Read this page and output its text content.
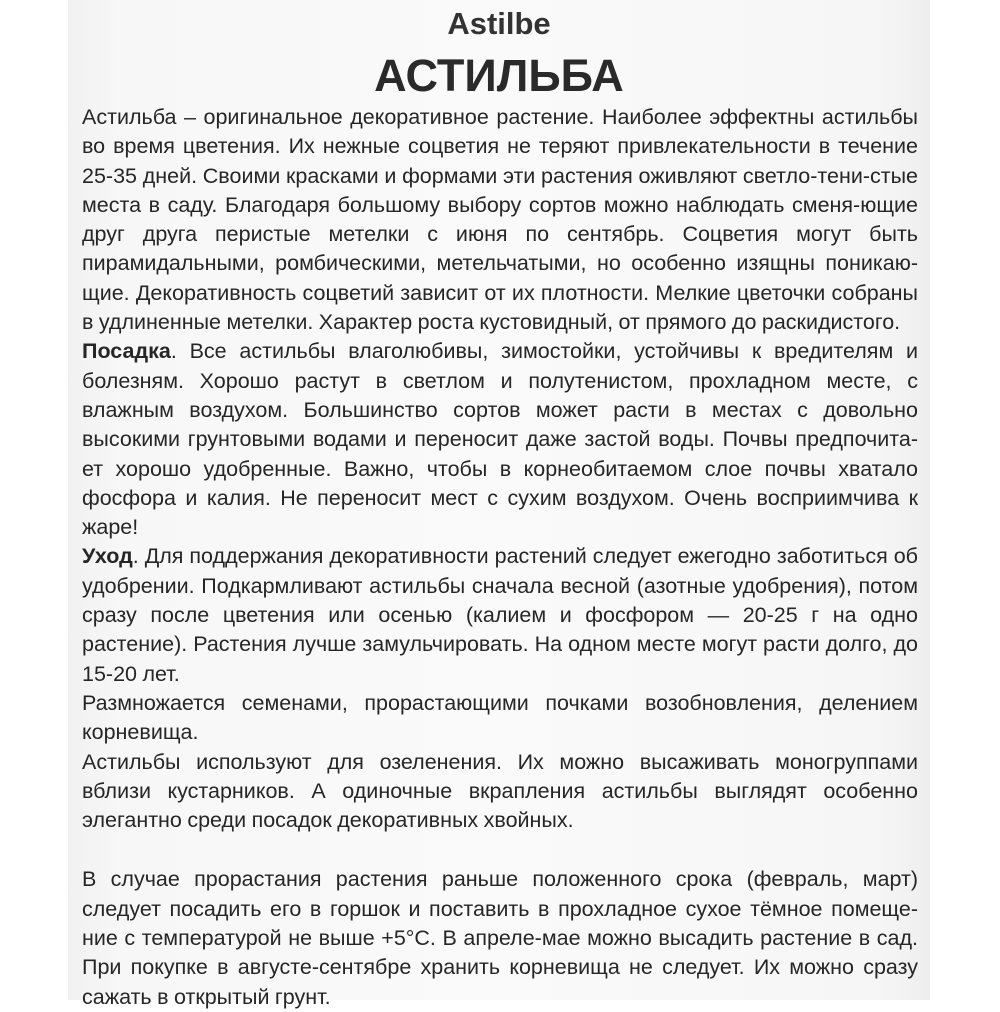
Astilbe
АСТИЛЬБА

Астильба – оригинальное декоративное растение. Наиболее эффектны астильбы во время цветения. Их нежные соцветия не теряют привлекательности в течение 25-35 дней. Своими красками и формами эти растения оживляют светло-тени-стые места в саду. Благодаря большому выбору сортов можно наблюдать сменя-ющие друг друга перистые метелки с июня по сентябрь. Соцветия могут быть пирамидальными, ромбическими, метельчатыми, но особенно изящны поникаю-щие. Декоративность соцветий зависит от их плотности. Мелкие цветочки собраны в удлиненные метелки. Характер роста кустовидный, от прямого до раскидистого.

Посадка. Все астильбы влаголюбивы, зимостойки, устойчивы к вредителям и болезням. Хорошо растут в светлом и полутенистом, прохладном месте, с влажным воздухом. Большинство сортов может расти в местах с довольно высокими грунтовыми водами и переносит даже застой воды. Почвы предпочита-ет хорошо удобренные. Важно, чтобы в корнеобитаемом слое почвы хватало фосфора и калия. Не переносит мест с сухим воздухом. Очень восприимчива к жаре!

Уход. Для поддержания декоративности растений следует ежегодно заботиться об удобрении. Подкармливают астильбы сначала весной (азотные удобрения), потом сразу после цветения или осенью (калием и фосфором — 20-25 г на одно растение). Растения лучше замульчировать. На одном месте могут расти долго, до 15-20 лет.

Размножается семенами, прорастающими почками возобновления, делением корневища.

Астильбы используют для озеленения. Их можно высаживать моногруппами вблизи кустарников. А одиночные вкрапления астильбы выглядят особенно элегантно среди посадок декоративных хвойных.

В случае прорастания растения раньше положенного срока (февраль, март) следует посадить его в горшок и поставить в прохладное сухое тёмное помеще-ние с температурой не выше +5°С. В апреле-мае можно высадить растение в сад. При покупке в августе-сентябре хранить корневища не следует. Их можно сразу сажать в открытый грунт.
